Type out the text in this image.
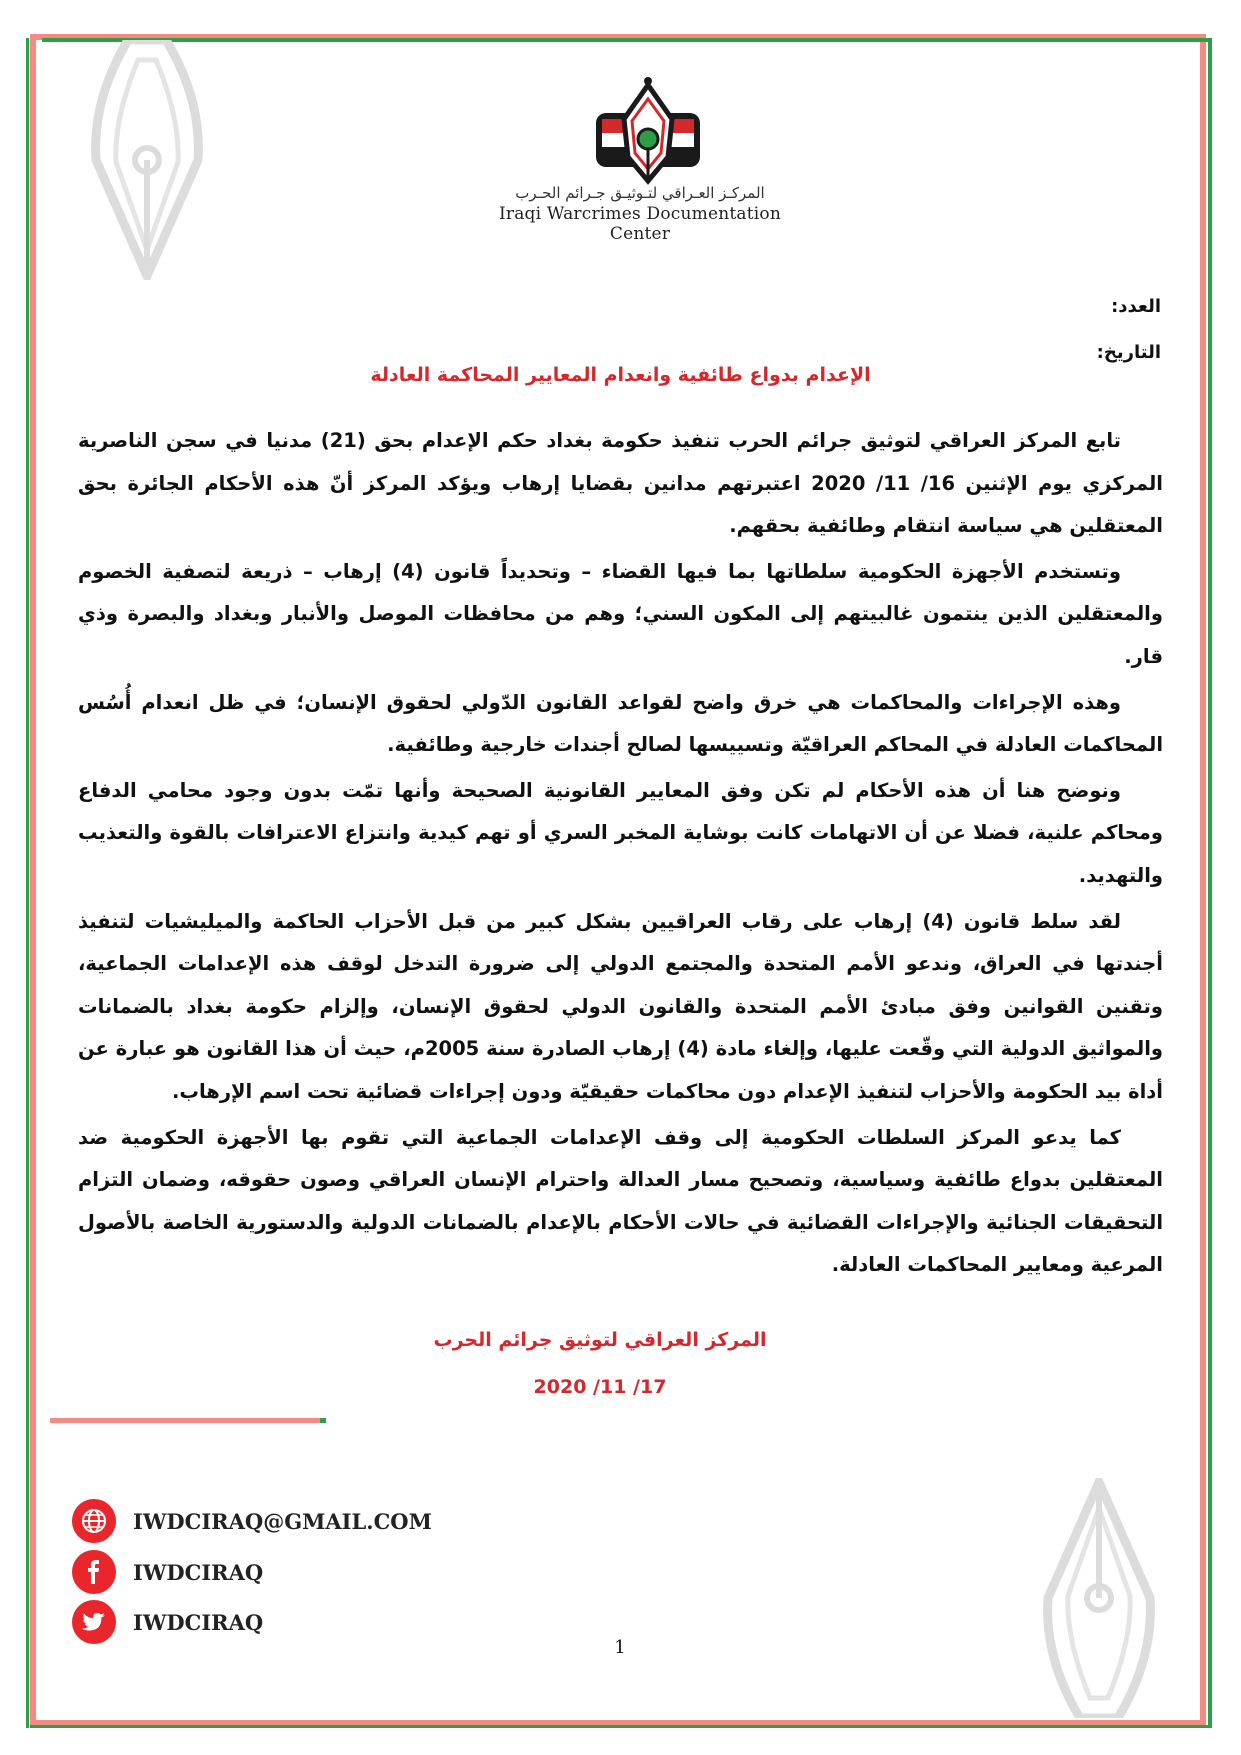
المركـز العـراقي لتـوثيـق جـرائم الحـرب
Iraqi Warcrimes Documentation Center
العدد:
التاريخ:
الإعدام بدواع طائفية وانعدام المعايير المحاكمة العادلة

تابع المركز العراقي لتوثيق جرائم الحرب تنفيذ حكومة بغداد حكم الإعدام بحق (21) مدنيا في سجن الناصرية المركزي يوم الإثنين 16/ 11/ 2020 اعتبرتهم مدانين بقضايا إرهاب ويؤكد المركز أنّ هذه الأحكام الجائرة بحق المعتقلين هي سياسة انتقام وطائفية بحقهم.

وتستخدم الأجهزة الحكومية سلطاتها بما فيها القضاء – وتحديداً قانون (4) إرهاب – ذريعة لتصفية الخصوم والمعتقلين الذين ينتمون غالبيتهم إلى المكون السني؛ وهم من محافظات الموصل والأنبار وبغداد والبصرة وذي قار.

وهذه الإجراءات والمحاكمات هي خرق واضح لقواعد القانون الدّولي لحقوق الإنسان؛ في ظل انعدام أُسُس المحاكمات العادلة في المحاكم العراقيّة وتسييسها لصالح أجندات خارجية وطائفية.

ونوضح هنا أن هذه الأحكام لم تكن وفق المعايير القانونية الصحيحة وأنها تمّت بدون وجود محامي الدفاع ومحاكم علنية، فضلا عن أن الاتهامات كانت بوشاية المخبر السري أو تهم كيدية وانتزاع الاعترافات بالقوة والتعذيب والتهديد.

لقد سلط قانون (4) إرهاب على رقاب العراقيين بشكل كبير من قبل الأحزاب الحاكمة والميليشيات لتنفيذ أجندتها في العراق، وندعو الأمم المتحدة والمجتمع الدولي إلى ضرورة التدخل لوقف هذه الإعدامات الجماعية، وتقنين القوانين وفق مبادئ الأمم المتحدة والقانون الدولي لحقوق الإنسان، وإلزام حكومة بغداد بالضمانات والمواثيق الدولية التي وقّعت عليها، وإلغاء مادة (4) إرهاب الصادرة سنة 2005م، حيث أن هذا القانون هو عبارة عن أداة بيد الحكومة والأحزاب لتنفيذ الإعدام دون محاكمات حقيقيّة ودون إجراءات قضائية تحت اسم الإرهاب.

كما يدعو المركز السلطات الحكومية إلى وقف الإعدامات الجماعية التي تقوم بها الأجهزة الحكومية ضد المعتقلين بدواع طائفية وسياسية، وتصحيح مسار العدالة واحترام الإنسان العراقي وصون حقوقه، وضمان التزام التحقيقات الجنائية والإجراءات القضائية في حالات الأحكام بالإعدام بالضمانات الدولية والدستورية الخاصة بالأصول المرعية ومعايير المحاكمات العادلة.

المركز العراقي لتوثيق جرائم الحرب
17/ 11/ 2020
IWDCIRAQ@GMAIL.COM
IWDCIRAQ
IWDCIRAQ
1
